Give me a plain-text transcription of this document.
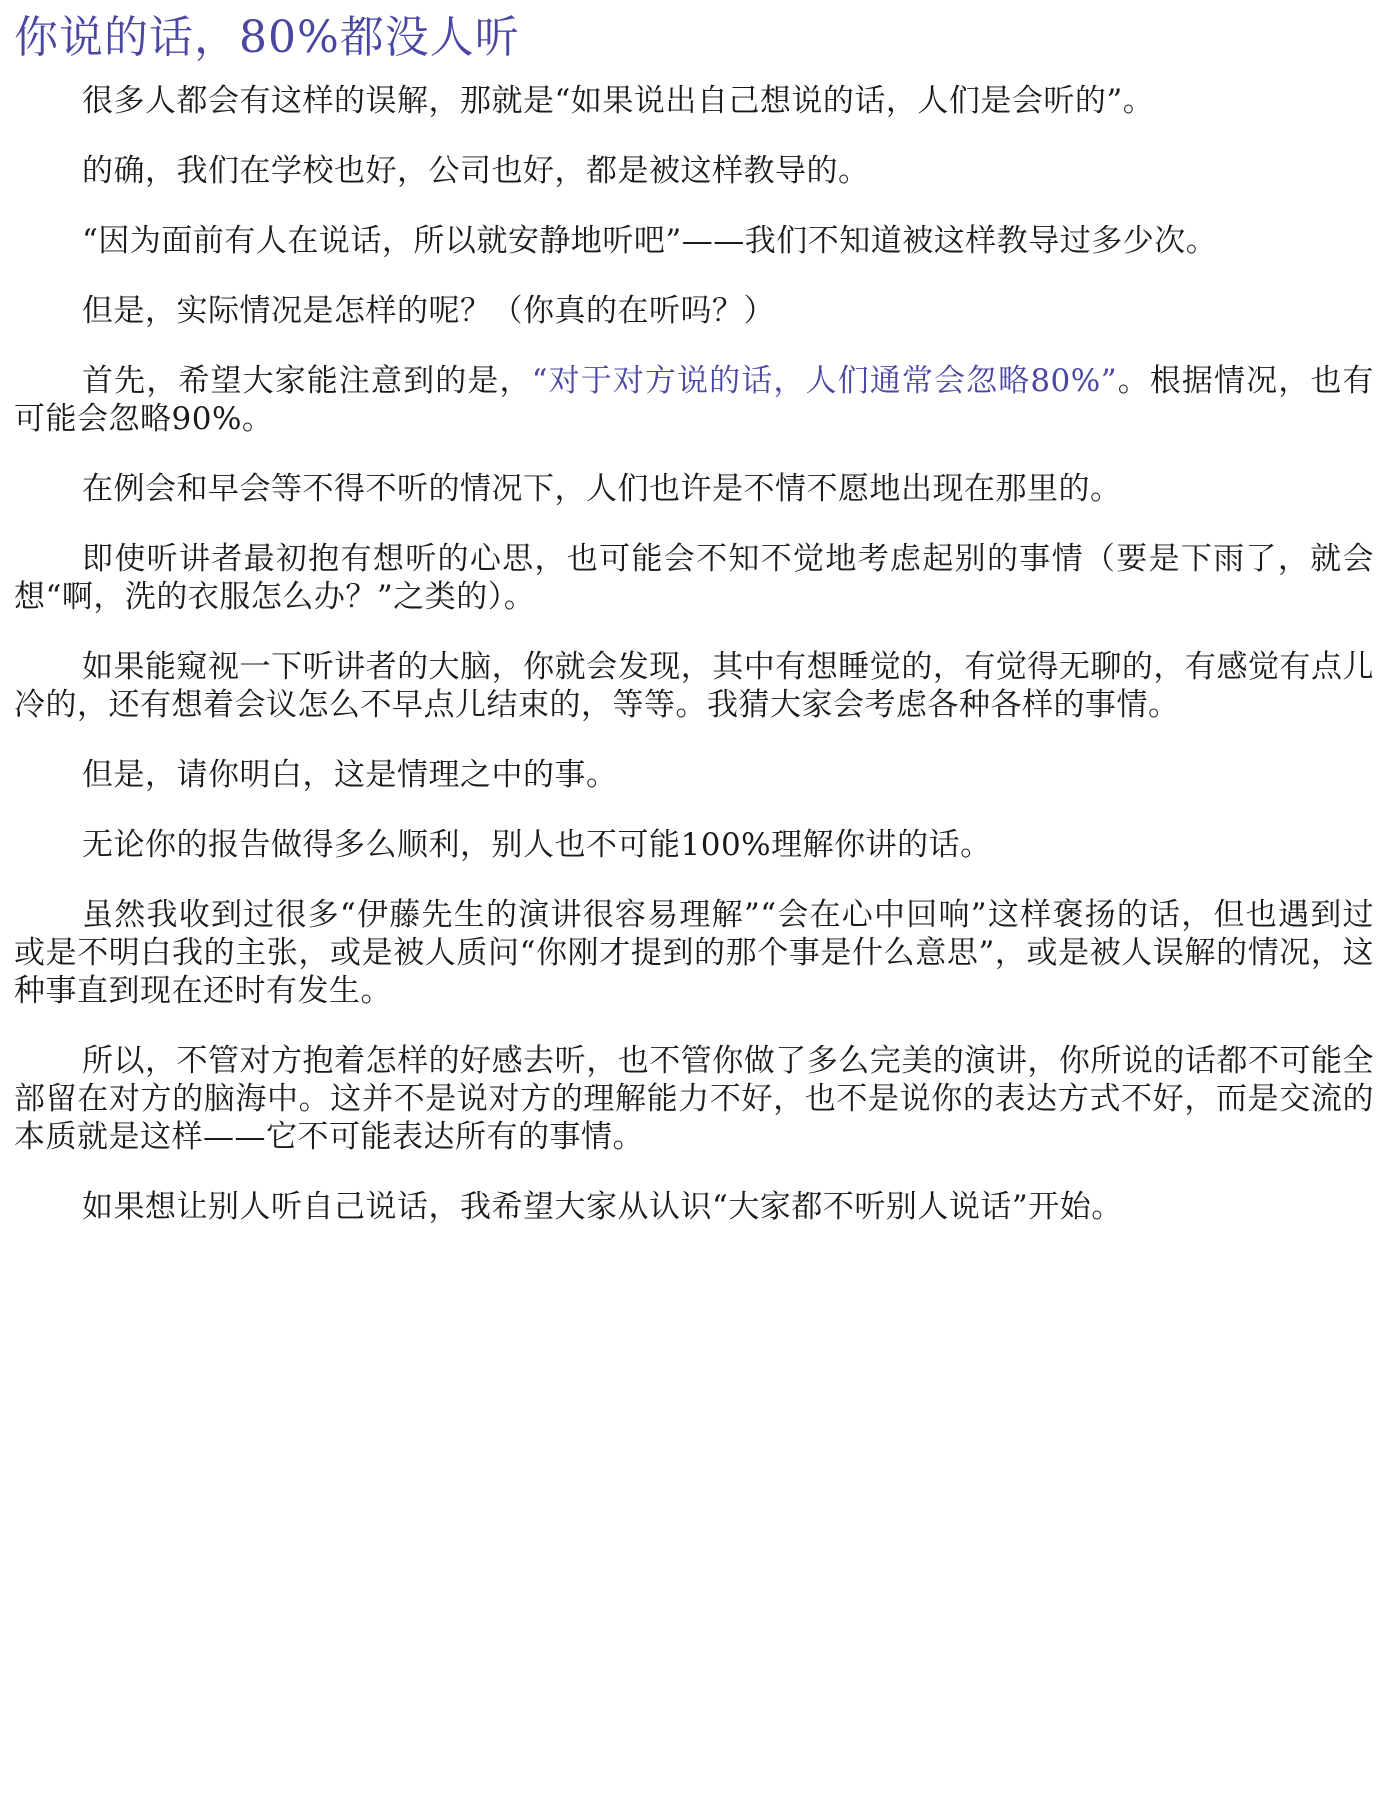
你说的话，80%都没人听

很多人都会有这样的误解，那就是“如果说出自己想说的话，人们是会听的”。

的确，我们在学校也好，公司也好，都是被这样教导的。

“因为面前有人在说话，所以就安静地听吧”——我们不知道被这样教导过多少次。

但是，实际情况是怎样的呢？（你真的在听吗？）

首先，希望大家能注意到的是，“对于对方说的话，人们通常会忽略80%”。根据情况，也有可能会忽略90%。

在例会和早会等不得不听的情况下，人们也许是不情不愿地出现在那里的。

即使听讲者最初抱有想听的心思，也可能会不知不觉地考虑起别的事情（要是下雨了，就会想“啊，洗的衣服怎么办？”之类的）。

如果能窥视一下听讲者的大脑，你就会发现，其中有想睡觉的，有觉得无聊的，有感觉有点儿冷的，还有想着会议怎么不早点儿结束的，等等。我猜大家会考虑各种各样的事情。

但是，请你明白，这是情理之中的事。

无论你的报告做得多么顺利，别人也不可能100%理解你讲的话。

虽然我收到过很多“伊藤先生的演讲很容易理解”“会在心中回响”这样褒扬的话，但也遇到过或是不明白我的主张，或是被人质问“你刚才提到的那个事是什么意思”，或是被人误解的情况，这种事直到现在还时有发生。

所以，不管对方抱着怎样的好感去听，也不管你做了多么完美的演讲，你所说的话都不可能全部留在对方的脑海中。这并不是说对方的理解能力不好，也不是说你的表达方式不好，而是交流的本质就是这样——它不可能表达所有的事情。

如果想让别人听自己说话，我希望大家从认识“大家都不听别人说话”开始。
